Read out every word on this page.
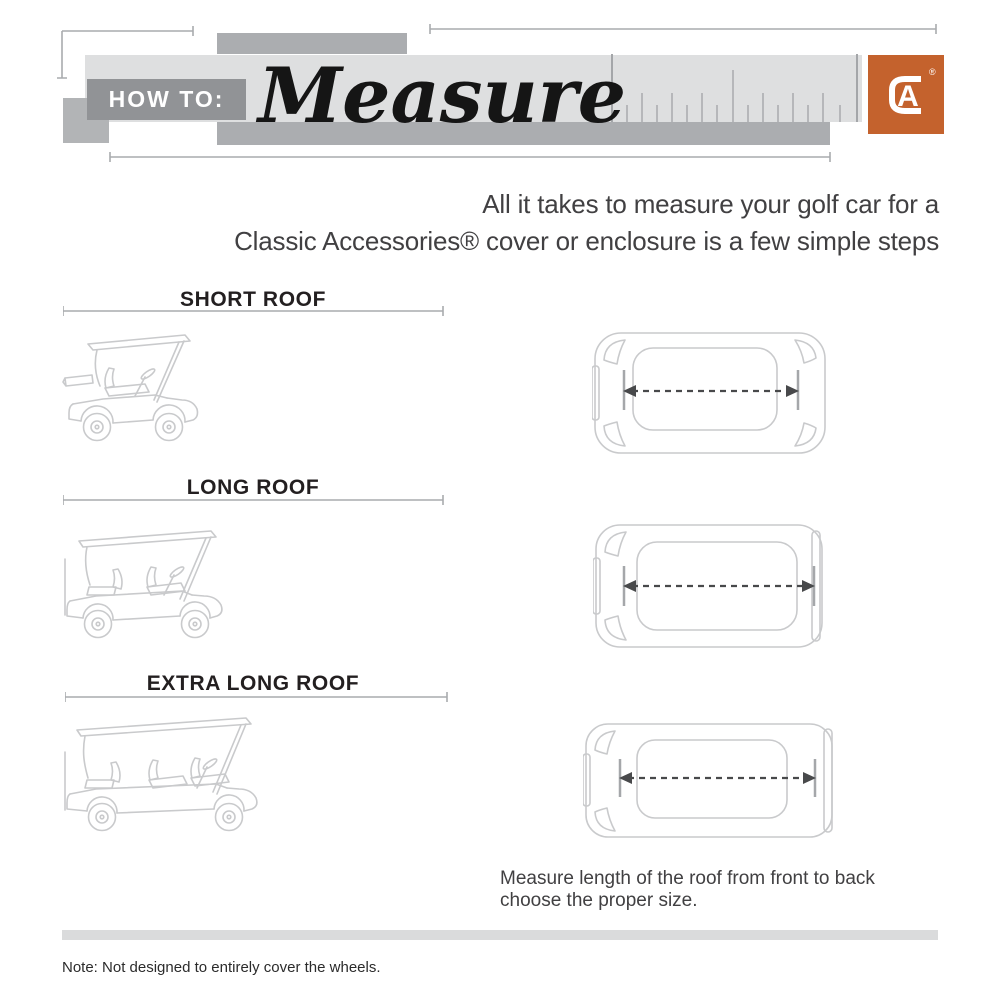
HOW TO: Measure	A
®
All it takes to measure your golf car for a
Classic Accessories® cover or enclosure is a few simple steps
SHORT ROOF
LONG ROOF
EXTRA LONG ROOF
Measure length of the roof from front to back
choose the proper size.
Note: Not designed to entirely cover the wheels.
